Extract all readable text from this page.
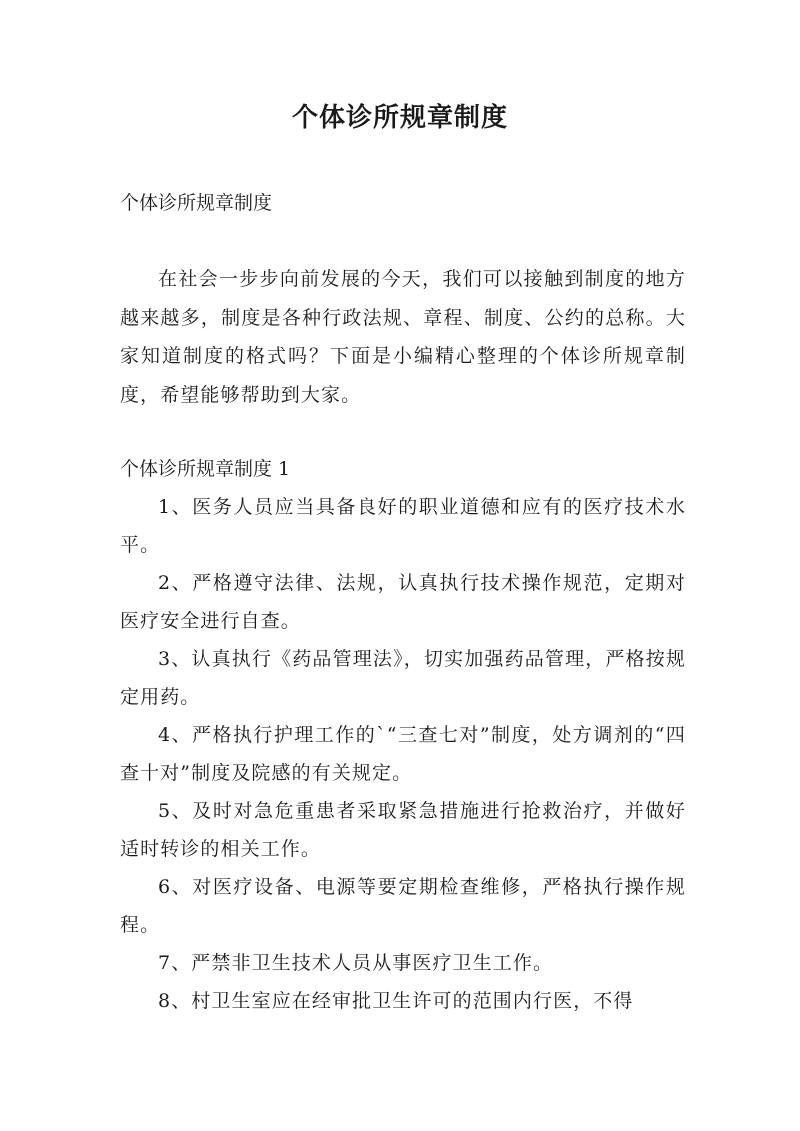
个体诊所规章制度

个体诊所规章制度

在社会一步步向前发展的今天，我们可以接触到制度的地方越来越多，制度是各种行政法规、章程、制度、公约的总称。大家知道制度的格式吗？下面是小编精心整理的个体诊所规章制度，希望能够帮助到大家。

个体诊所规章制度 1

1、医务人员应当具备良好的职业道德和应有的医疗技术水平。

2、严格遵守法律、法规，认真执行技术操作规范，定期对医疗安全进行自查。

3、认真执行《药品管理法》，切实加强药品管理，严格按规定用药。

4、严格执行护理工作的`“三查七对”制度，处方调剂的“四查十对”制度及院感的有关规定。

5、及时对急危重患者采取紧急措施进行抢救治疗，并做好适时转诊的相关工作。

6、对医疗设备、电源等要定期检查维修，严格执行操作规程。

7、严禁非卫生技术人员从事医疗卫生工作。

8、村卫生室应在经审批卫生许可的范围内行医，不得
